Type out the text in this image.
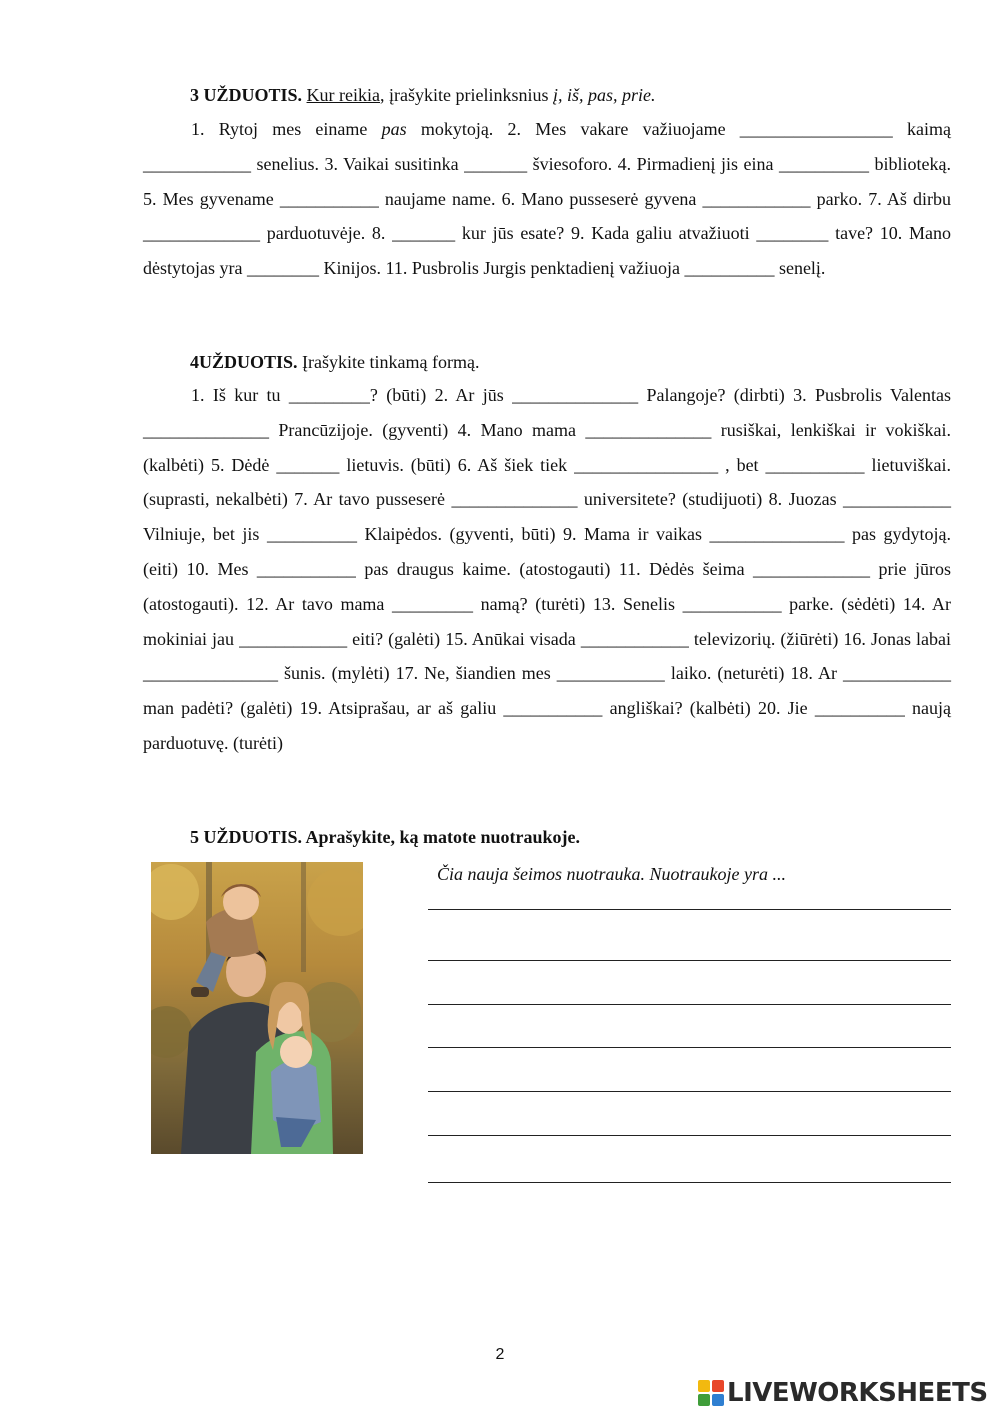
3 UŽDUOTIS. Kur reikia, įrašykite prielinksnius į, iš, pas, prie.

1. Rytoj mes einame pas mokytoją. 2. Mes vakare važiuojame _________________ kaimą ____________ senelius. 3. Vaikai susitinka _______ šviesoforo. 4. Pirmadienį jis eina __________ biblioteką. 5. Mes gyvename ___________ naujame name. 6. Mano pusseserė gyvena ____________ parko. 7. Aš dirbu _____________ parduotuvėje. 8. _______ kur jūs esate? 9. Kada galiu atvažiuoti ________ tave? 10. Mano dėstytojas yra ________ Kinijos. 11. Pusbrolis Jurgis penktadienį važiuoja __________ senelį.

4UŽDUOTIS. Įrašykite tinkamą formą.

1. Iš kur tu _________? (būti) 2. Ar jūs ______________ Palangoje? (dirbti) 3. Pusbrolis Valentas ______________ Prancūzijoje. (gyventi) 4. Mano mama ______________ rusiškai, lenkiškai ir vokiškai. (kalbėti) 5. Dėdė _______ lietuvis. (būti) 6. Aš šiek tiek ________________ , bet ___________ lietuviškai. (suprasti, nekalbėti) 7. Ar tavo pusseserė ______________ universitete? (studijuoti) 8. Juozas ____________ Vilniuje, bet jis __________ Klaipėdos. (gyventi, būti) 9. Mama ir vaikas _______________ pas gydytoją. (eiti) 10. Mes ___________ pas draugus kaime. (atostogauti) 11. Dėdės šeima _____________ prie jūros (atostogauti). 12. Ar tavo mama _________ namą? (turėti) 13. Senelis ___________ parke. (sėdėti) 14. Ar mokiniai jau ____________ eiti? (galėti) 15. Anūkai visada ____________ televizorių. (žiūrėti) 16. Jonas labai _______________ šunis. (mylėti) 17. Ne, šiandien mes ____________ laiko. (neturėti) 18. Ar ____________ man padėti? (galėti) 19. Atsiprašau, ar aš galiu ___________ angliškai? (kalbėti) 20. Jie __________ naują parduotuvę. (turėti)

5 UŽDUOTIS. Aprašykite, ką matote nuotraukoje.
Čia nauja šeimos nuotrauka. Nuotraukoje yra ...
2
LIVEWORKSHEETS
